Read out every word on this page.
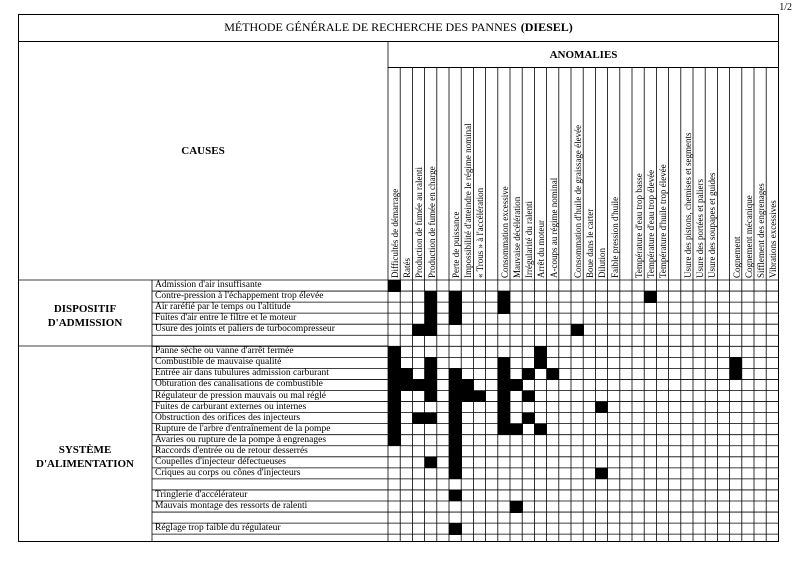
1/2
MÉTHODE GÉNÉRALE DE RECHERCHE DES PANNES (DIESEL)
ANOMALIES
CAUSES
DISPOSITIF
D'ADMISSION
SYSTÈME
D'ALIMENTATION
Difficultés de démarrage Ratés Production de fumée au ralenti Production de fumée en charge Perte de puissance Impossibilité d'atteindre le régime nominal « Trous » à l'accélération Consommation excessive Mauvaise décélération Irrégularité du ralenti Arrêt du moteur A-coups au régime nominal Consommation d'huile de graissage élevée Boue dans le carter Dilution Faible pression d'huile Température d'eau trop basse Température d'eau trop élevée Température d'huile trop élevée Usure des pistons, chemises et segments Usure des portées et paliers Usure des soupapes et guides Cognement Cognement mécanique Sifflement des engrenages Vibrations excessives
Admission d'air insuffisante
Contre-pression à l'échappement trop élevée
Air raréfié par le temps ou l'altitude
Fuites d'air entre le filtre et le moteur
Usure des joints et paliers de turbocompresseur
Panne sèche ou vanne d'arrêt fermée
Combustible de mauvaise qualité
Entrée air dans tubulures admission carburant
Obturation des canalisations de combustible
Régulateur de pression mauvais ou mal réglé
Fuites de carburant externes ou internes
Obstruction des orifices des injecteurs
Rupture de l'arbre d'entraînement de la pompe
Avaries ou rupture de la pompe à engrenages
Raccords d'entrée ou de retour desserrés
Coupelles d'injecteur défectueuses
Criques au corps ou cônes d'injecteurs
Tringlerie d'accélérateur
Mauvais montage des ressorts de ralenti
Réglage trop faible du régulateur
